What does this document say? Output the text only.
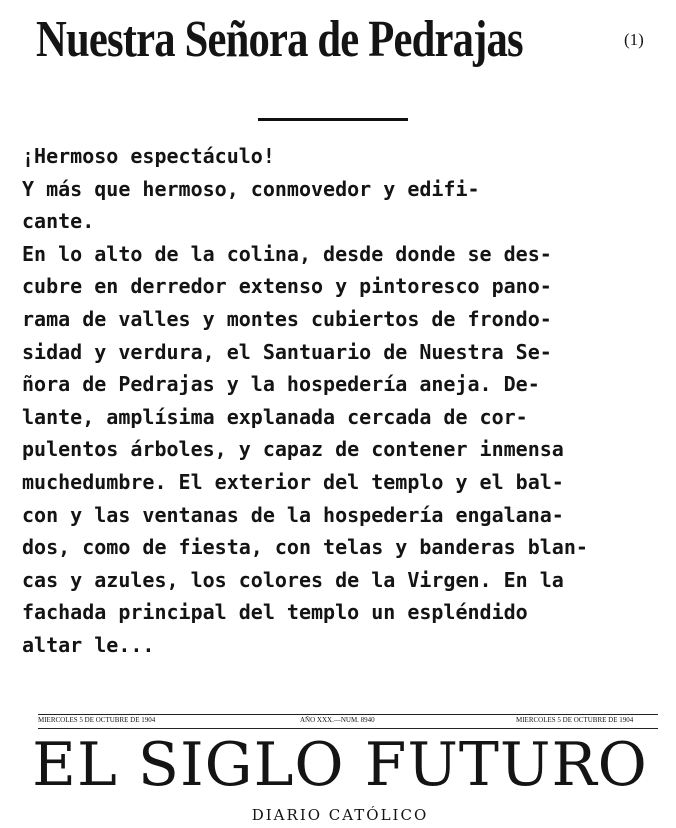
Nuestra Señora de Pedrajas	(1)
¡Hermoso espectáculo!
Y más que hermoso, conmovedor y edifi-
cante.
En lo alto de la colina, desde donde se des-
cubre en derredor extenso y pintoresco pano-
rama de valles y montes cubiertos de frondo-
sidad y verdura, el Santuario de Nuestra Se-
ñora de Pedrajas y la hospedería aneja. De-
lante, amplísima explanada cercada de cor-
pulentos árboles, y capaz de contener inmensa
muchedumbre. El exterior del templo y el bal-
con y las ventanas de la hospedería engalana-
dos, como de fiesta, con telas y banderas blan-
cas y azules, los colores de la Virgen. En la
fachada principal del templo un espléndido
altar le...
MIERCOLES 5 DE OCTUBRE DE 1904	AÑO XXX.—NUM. 8940	MIERCOLES 5 DE OCTUBRE DE 1904
EL SIGLO FUTURO
DIARIO CATÓLICO
